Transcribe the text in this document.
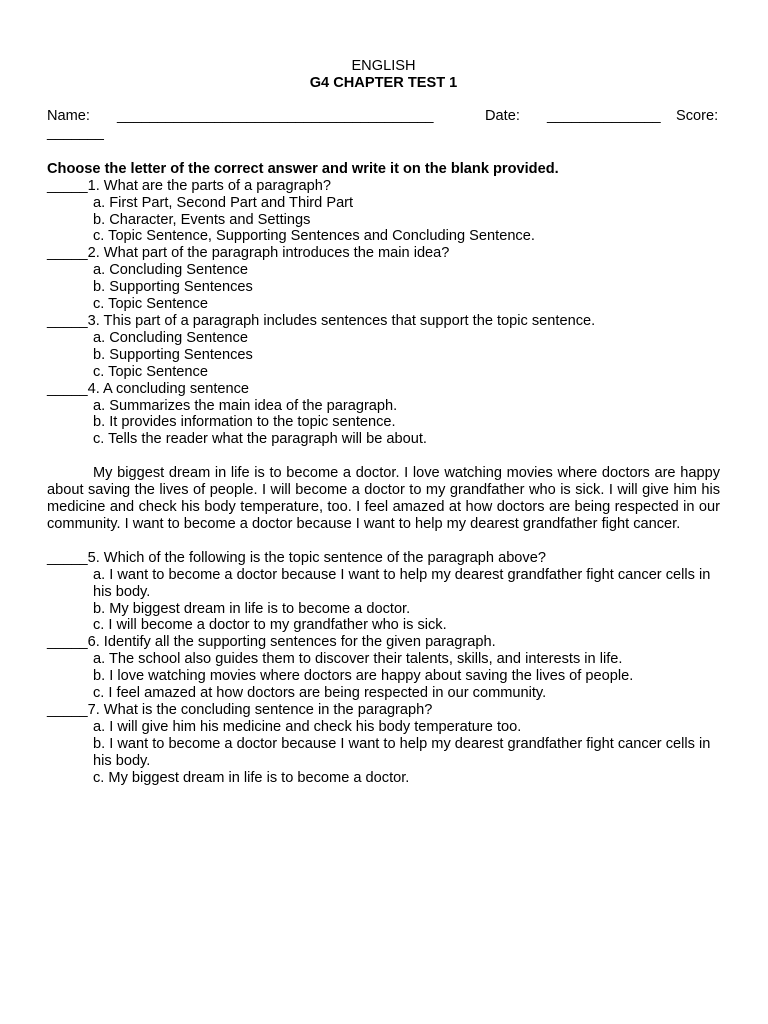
ENGLISH
G4 CHAPTER TEST 1
Name: _______________________________________	Date: ______________ Score:
_______
Choose the letter of the correct answer and write it on the blank provided.
_____1. What are the parts of a paragraph?
a. First Part, Second Part and Third Part
b. Character, Events and Settings
c. Topic Sentence, Supporting Sentences and Concluding Sentence.
_____2. What part of the paragraph introduces the main idea?
a. Concluding Sentence
b. Supporting Sentences
c. Topic Sentence
_____3. This part of a paragraph includes sentences that support the topic sentence.
a. Concluding Sentence
b. Supporting Sentences
c. Topic Sentence
_____4. A concluding sentence
a. Summarizes the main idea of the paragraph.
b. It provides information to the topic sentence.
c. Tells the reader what the paragraph will be about.
My biggest dream in life is to become a doctor. I love watching movies where doctors are happy about saving the lives of people. I will become a doctor to my grandfather who is sick. I will give him his medicine and check his body temperature, too. I feel amazed at how doctors are being respected in our community. I want to become a doctor because I want to help my dearest grandfather fight cancer.
_____5. Which of the following is the topic sentence of the paragraph above?
a. I want to become a doctor because I want to help my dearest grandfather fight cancer cells in his body.
b. My biggest dream in life is to become a doctor.
c. I will become a doctor to my grandfather who is sick.
_____6. Identify all the supporting sentences for the given paragraph.
a. The school also guides them to discover their talents, skills, and interests in life.
b. I love watching movies where doctors are happy about saving the lives of people.
c. I feel amazed at how doctors are being respected in our community.
_____7. What is the concluding sentence in the paragraph?
a. I will give him his medicine and check his body temperature too.
b. I want to become a doctor because I want to help my dearest grandfather fight cancer cells in his body.
c. My biggest dream in life is to become a doctor.
